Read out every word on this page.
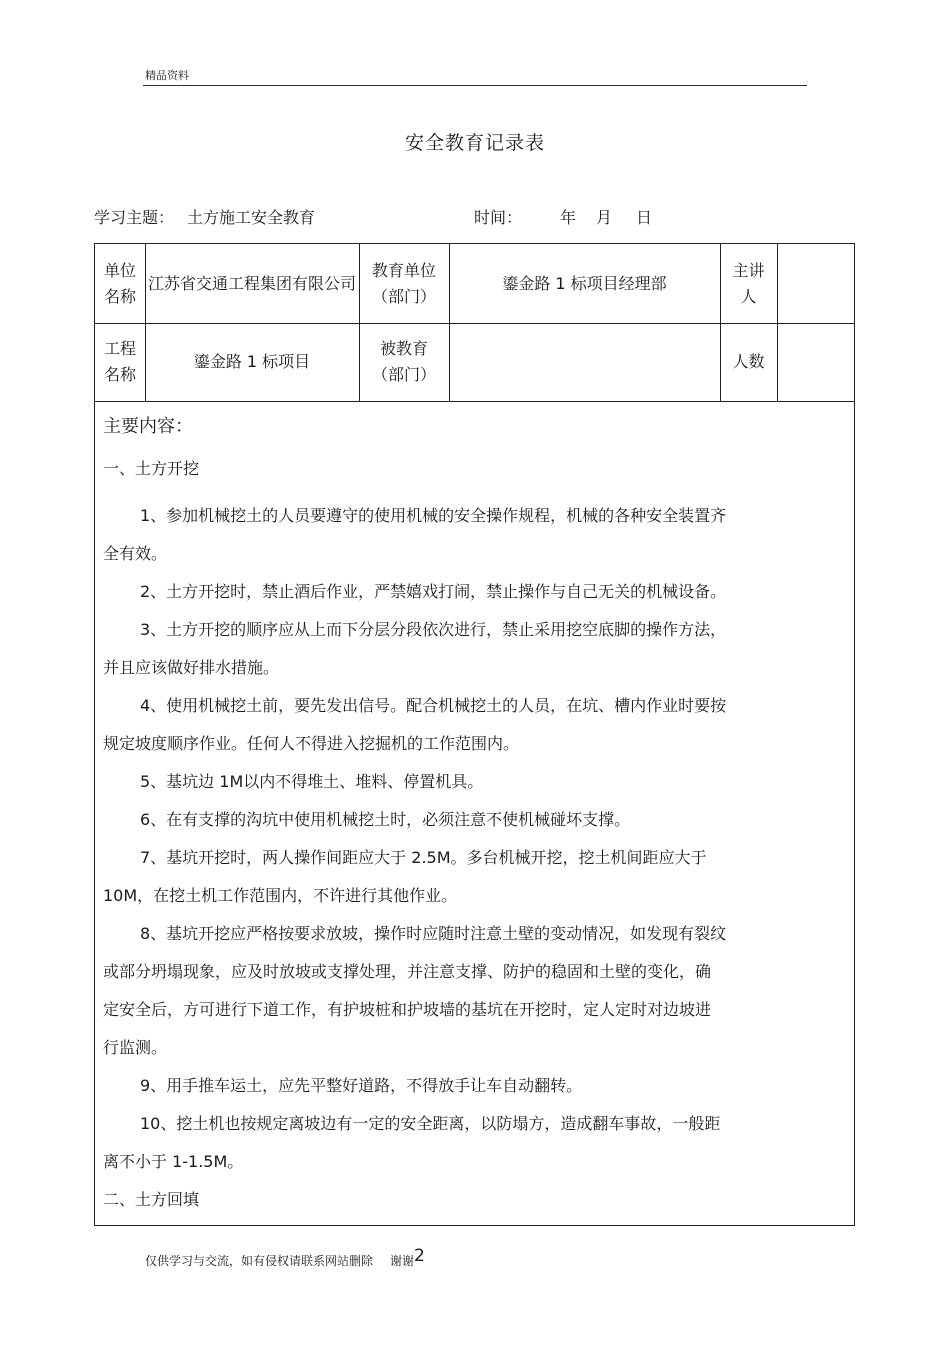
精品资料
安全教育记录表
学习主题： 土方施工安全教育	时间： 年 月 日
单位名称
江苏省交通工程集团有限公司
教育单位（部门）
鎏金路 1 标项目经理部
主讲人
工程名称
鎏金路 1 标项目
被教育（部门）
人数
主要内容：
一、土方开挖
1、参加机械挖土的人员要遵守的使用机械的安全操作规程，机械的各种安全装置齐
全有效。
2、土方开挖时，禁止酒后作业，严禁嬉戏打闹，禁止操作与自己无关的机械设备。
3、土方开挖的顺序应从上而下分层分段依次进行，禁止采用挖空底脚的操作方法，
并且应该做好排水措施。
4、使用机械挖土前，要先发出信号。配合机械挖土的人员，在坑、槽内作业时要按
规定坡度顺序作业。任何人不得进入挖掘机的工作范围内。
5、基坑边 1M以内不得堆土、堆料、停置机具。
6、在有支撑的沟坑中使用机械挖土时，必须注意不使机械碰坏支撑。
7、基坑开挖时，两人操作间距应大于 2.5M。多台机械开挖，挖土机间距应大于
10M，在挖土机工作范围内，不许进行其他作业。
8、基坑开挖应严格按要求放坡，操作时应随时注意土壁的变动情况，如发现有裂纹
或部分坍塌现象，应及时放坡或支撑处理，并注意支撑、防护的稳固和土壁的变化，确
定安全后，方可进行下道工作，有护坡桩和护坡墙的基坑在开挖时，定人定时对边坡进
行监测。
9、用手推车运土，应先平整好道路，不得放手让车自动翻转。
10、挖土机也按规定离坡边有一定的安全距离，以防塌方，造成翻车事故，一般距
离不小于 1-1.5M。
二、土方回填
仅供学习与交流，如有侵权请联系网站删除 谢谢 2
